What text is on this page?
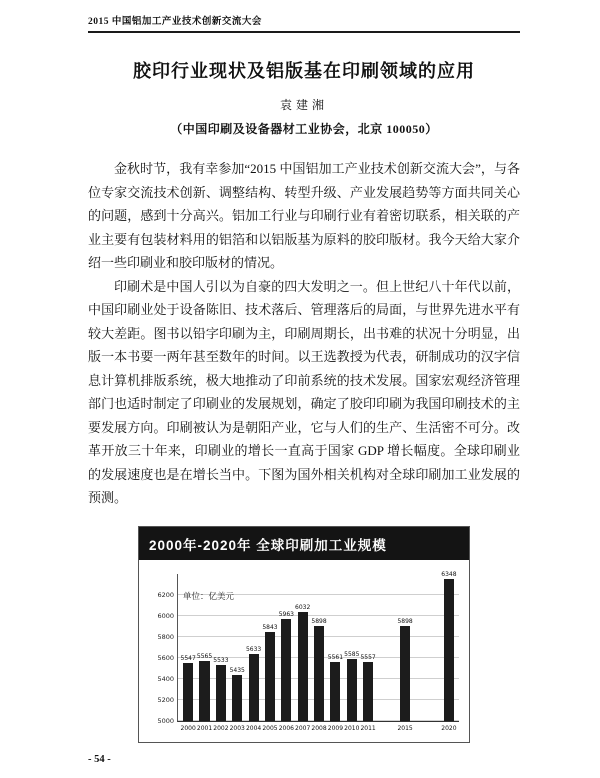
2015 中国铝加工产业技术创新交流大会
胶印行业现状及铝版基在印刷领域的应用
袁建湘
（中国印刷及设备器材工业协会，北京 100050）

金秋时节，我有幸参加“2015 中国铝加工产业技术创新交流大会”，与各位专家交流技术创新、调整结构、转型升级、产业发展趋势等方面共同关心的问题，感到十分高兴。铝加工行业与印刷行业有着密切联系，相关联的产业主要有包装材料用的铝箔和以铝版基为原料的胶印版材。我今天给大家介绍一些印刷业和胶印版材的情况。

印刷术是中国人引以为自豪的四大发明之一。但上世纪八十年代以前，中国印刷业处于设备陈旧、技术落后、管理落后的局面，与世界先进水平有较大差距。图书以铅字印刷为主，印刷周期长，出书难的状况十分明显，出版一本书要一两年甚至数年的时间。以王选教授为代表，研制成功的汉字信息计算机排版系统，极大地推动了印前系统的技术发展。国家宏观经济管理部门也适时制定了印刷业的发展规划，确定了胶印印刷为我国印刷技术的主要发展方向。印刷被认为是朝阳产业，它与人们的生产、生活密不可分。改革开放三十年来，印刷业的增长一直高于国家 GDP 增长幅度。全球印刷业的发展速度也是在增长当中。下图为国外相关机构对全球印刷加工业发展的预测。

2000年-2020年 全球印刷加工业规模
单位：亿美元
5000
5200
5400
5600
5800
6000
6200
5547
2000
5565
2001
5533
2002
5435
2003
5633
2004
5843
2005
5963
2006
6032
2007
5898
2008
5561
2009
5585
2010
5557
2011
5898
2015
6348
2020
- 54 -
